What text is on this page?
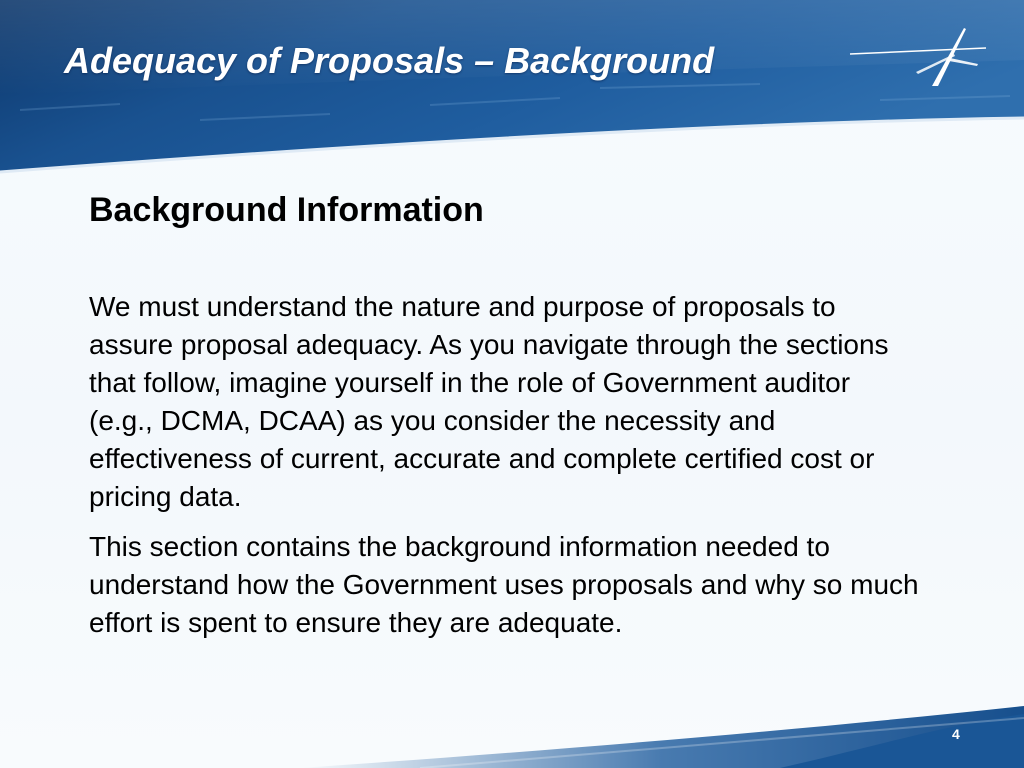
Adequacy of Proposals – Background
Background Information

We must understand the nature and purpose of proposals to assure proposal adequacy. As you navigate through the sections that follow, imagine yourself in the role of Government auditor (e.g., DCMA, DCAA) as you consider the necessity and effectiveness of current, accurate and complete certified cost or pricing data.

This section contains the background information needed to understand how the Government uses proposals and why so much effort is spent to ensure they are adequate.

4
